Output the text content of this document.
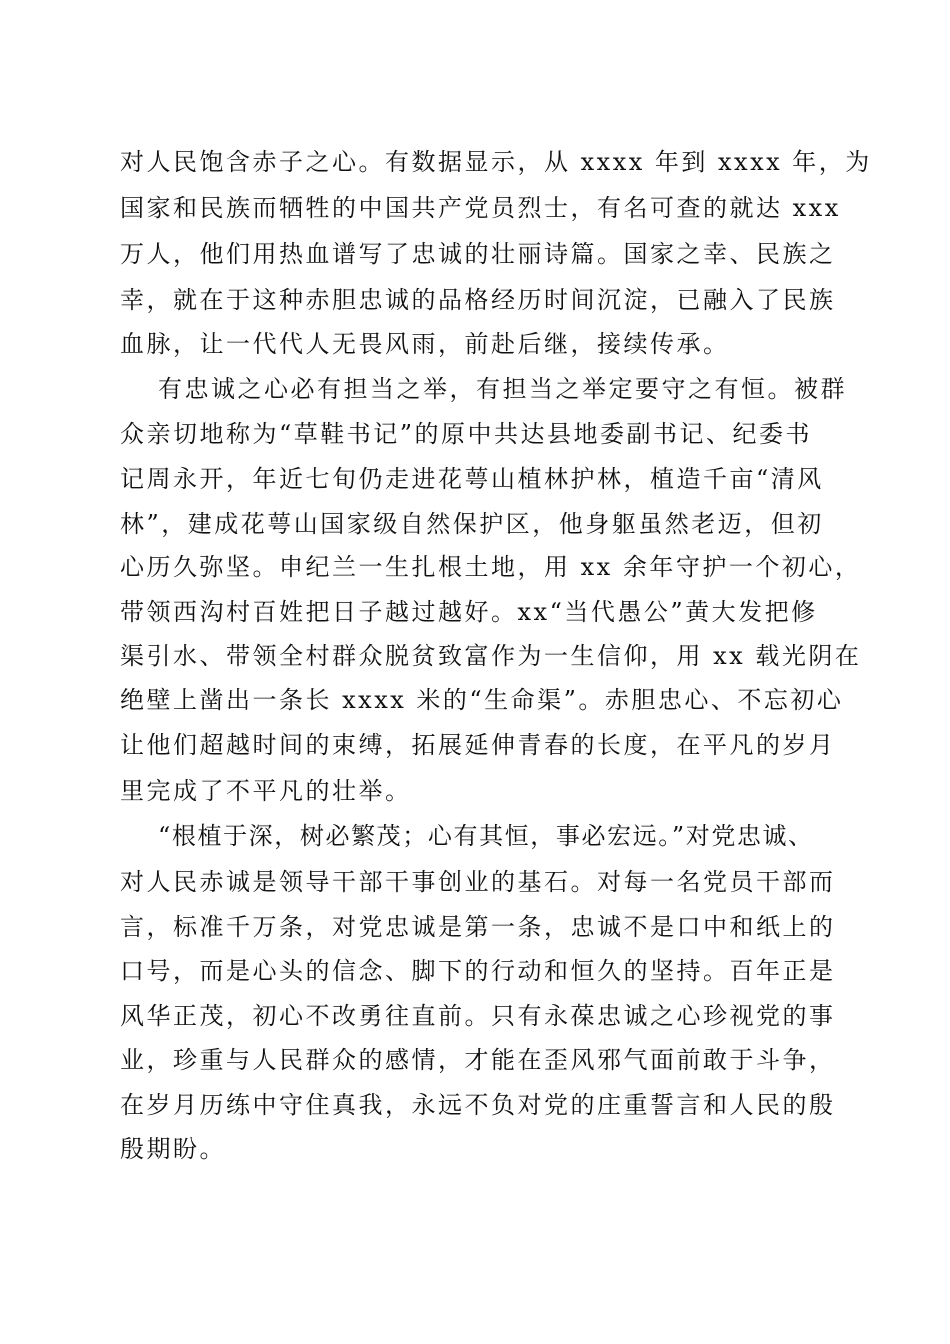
对人民饱含赤子之心。有数据显示，从 xxxx 年到 xxxx 年，为
国家和民族而牺牲的中国共产党员烈士，有名可查的就达 xxx
万人，他们用热血谱写了忠诚的壮丽诗篇。国家之幸、民族之
幸，就在于这种赤胆忠诚的品格经历时间沉淀，已融入了民族
血脉，让一代代人无畏风雨，前赴后继，接续传承。
有忠诚之心必有担当之举，有担当之举定要守之有恒。被群
众亲切地称为“草鞋书记”的原中共达县地委副书记、纪委书
记周永开，年近七旬仍走进花萼山植林护林，植造千亩“清风
林”，建成花萼山国家级自然保护区，他身躯虽然老迈，但初
心历久弥坚。申纪兰一生扎根土地，用 xx 余年守护一个初心，
带领西沟村百姓把日子越过越好。xx“当代愚公”黄大发把修
渠引水、带领全村群众脱贫致富作为一生信仰，用 xx 载光阴在
绝壁上凿出一条长 xxxx 米的“生命渠”。赤胆忠心、不忘初心
让他们超越时间的束缚，拓展延伸青春的长度，在平凡的岁月
里完成了不平凡的壮举。
“根植于深，树必繁茂；心有其恒，事必宏远。”对党忠诚、
对人民赤诚是领导干部干事创业的基石。对每一名党员干部而
言，标准千万条，对党忠诚是第一条，忠诚不是口中和纸上的
口号，而是心头的信念、脚下的行动和恒久的坚持。百年正是
风华正茂，初心不改勇往直前。只有永葆忠诚之心珍视党的事
业，珍重与人民群众的感情，才能在歪风邪气面前敢于斗争，
在岁月历练中守住真我，永远不负对党的庄重誓言和人民的殷
殷期盼。
